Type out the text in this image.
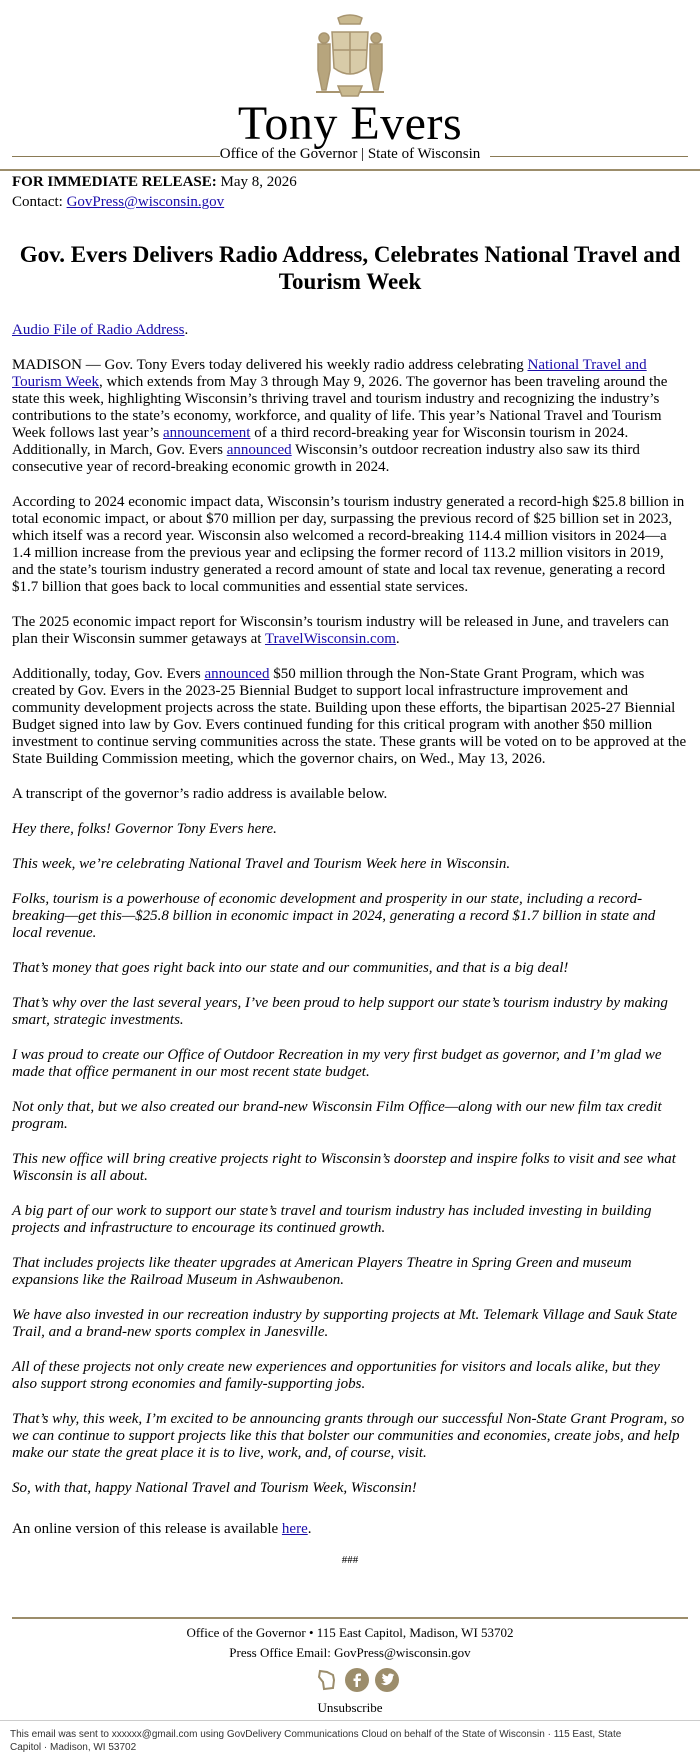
Tony Evers
Office of the Governor | State of Wisconsin

FOR IMMEDIATE RELEASE: May 8, 2026

Contact: GovPress@wisconsin.gov

Gov. Evers Delivers Radio Address, Celebrates National Travel and Tourism Week

Audio File of Radio Address.

MADISON — Gov. Tony Evers today delivered his weekly radio address celebrating National Travel and Tourism Week, which extends from May 3 through May 9, 2026. The governor has been traveling around the state this week, highlighting Wisconsin’s thriving travel and tourism industry and recognizing the industry’s contributions to the state’s economy, workforce, and quality of life. This year’s National Travel and Tourism Week follows last year’s announcement of a third record-breaking year for Wisconsin tourism in 2024. Additionally, in March, Gov. Evers announced Wisconsin’s outdoor recreation industry also saw its third consecutive year of record-breaking economic growth in 2024.

According to 2024 economic impact data, Wisconsin’s tourism industry generated a record-high $25.8 billion in total economic impact, or about $70 million per day, surpassing the previous record of $25 billion set in 2023, which itself was a record year. Wisconsin also welcomed a record-breaking 114.4 million visitors in 2024—a 1.4 million increase from the previous year and eclipsing the former record of 113.2 million visitors in 2019, and the state’s tourism industry generated a record amount of state and local tax revenue, generating a record $1.7 billion that goes back to local communities and essential state services.

The 2025 economic impact report for Wisconsin’s tourism industry will be released in June, and travelers can plan their Wisconsin summer getaways at TravelWisconsin.com.

Additionally, today, Gov. Evers announced $50 million through the Non-State Grant Program, which was created by Gov. Evers in the 2023-25 Biennial Budget to support local infrastructure improvement and community development projects across the state. Building upon these efforts, the bipartisan 2025-27 Biennial Budget signed into law by Gov. Evers continued funding for this critical program with another $50 million investment to continue serving communities across the state. These grants will be voted on to be approved at the State Building Commission meeting, which the governor chairs, on Wed., May 13, 2026.

A transcript of the governor’s radio address is available below.

Hey there, folks! Governor Tony Evers here.

This week, we’re celebrating National Travel and Tourism Week here in Wisconsin.

Folks, tourism is a powerhouse of economic development and prosperity in our state, including a record-breaking—get this—$25.8 billion in economic impact in 2024, generating a record $1.7 billion in state and local revenue.

That’s money that goes right back into our state and our communities, and that is a big deal!

That’s why over the last several years, I’ve been proud to help support our state’s tourism industry by making smart, strategic investments.

I was proud to create our Office of Outdoor Recreation in my very first budget as governor, and I’m glad we made that office permanent in our most recent state budget.

Not only that, but we also created our brand-new Wisconsin Film Office—along with our new film tax credit program.

This new office will bring creative projects right to Wisconsin’s doorstep and inspire folks to visit and see what Wisconsin is all about.

A big part of our work to support our state’s travel and tourism industry has included investing in building projects and infrastructure to encourage its continued growth.

That includes projects like theater upgrades at American Players Theatre in Spring Green and museum expansions like the Railroad Museum in Ashwaubenon.

We have also invested in our recreation industry by supporting projects at Mt. Telemark Village and Sauk State Trail, and a brand-new sports complex in Janesville.

All of these projects not only create new experiences and opportunities for visitors and locals alike, but they also support strong economies and family-supporting jobs.

That’s why, this week, I’m excited to be announcing grants through our successful Non-State Grant Program, so we can continue to support projects like this that bolster our communities and economies, create jobs, and help make our state the great place it is to live, work, and, of course, visit.

So, with that, happy National Travel and Tourism Week, Wisconsin!

An online version of this release is available here.

###
Office of the Governor • 115 East Capitol, Madison, WI 53702
Press Office Email: GovPress@wisconsin.gov
Unsubscribe
This email was sent to xxxxxx@gmail.com using GovDelivery Communications Cloud on behalf of the State of Wisconsin · 115 East, State Capitol · Madison, WI 53702
